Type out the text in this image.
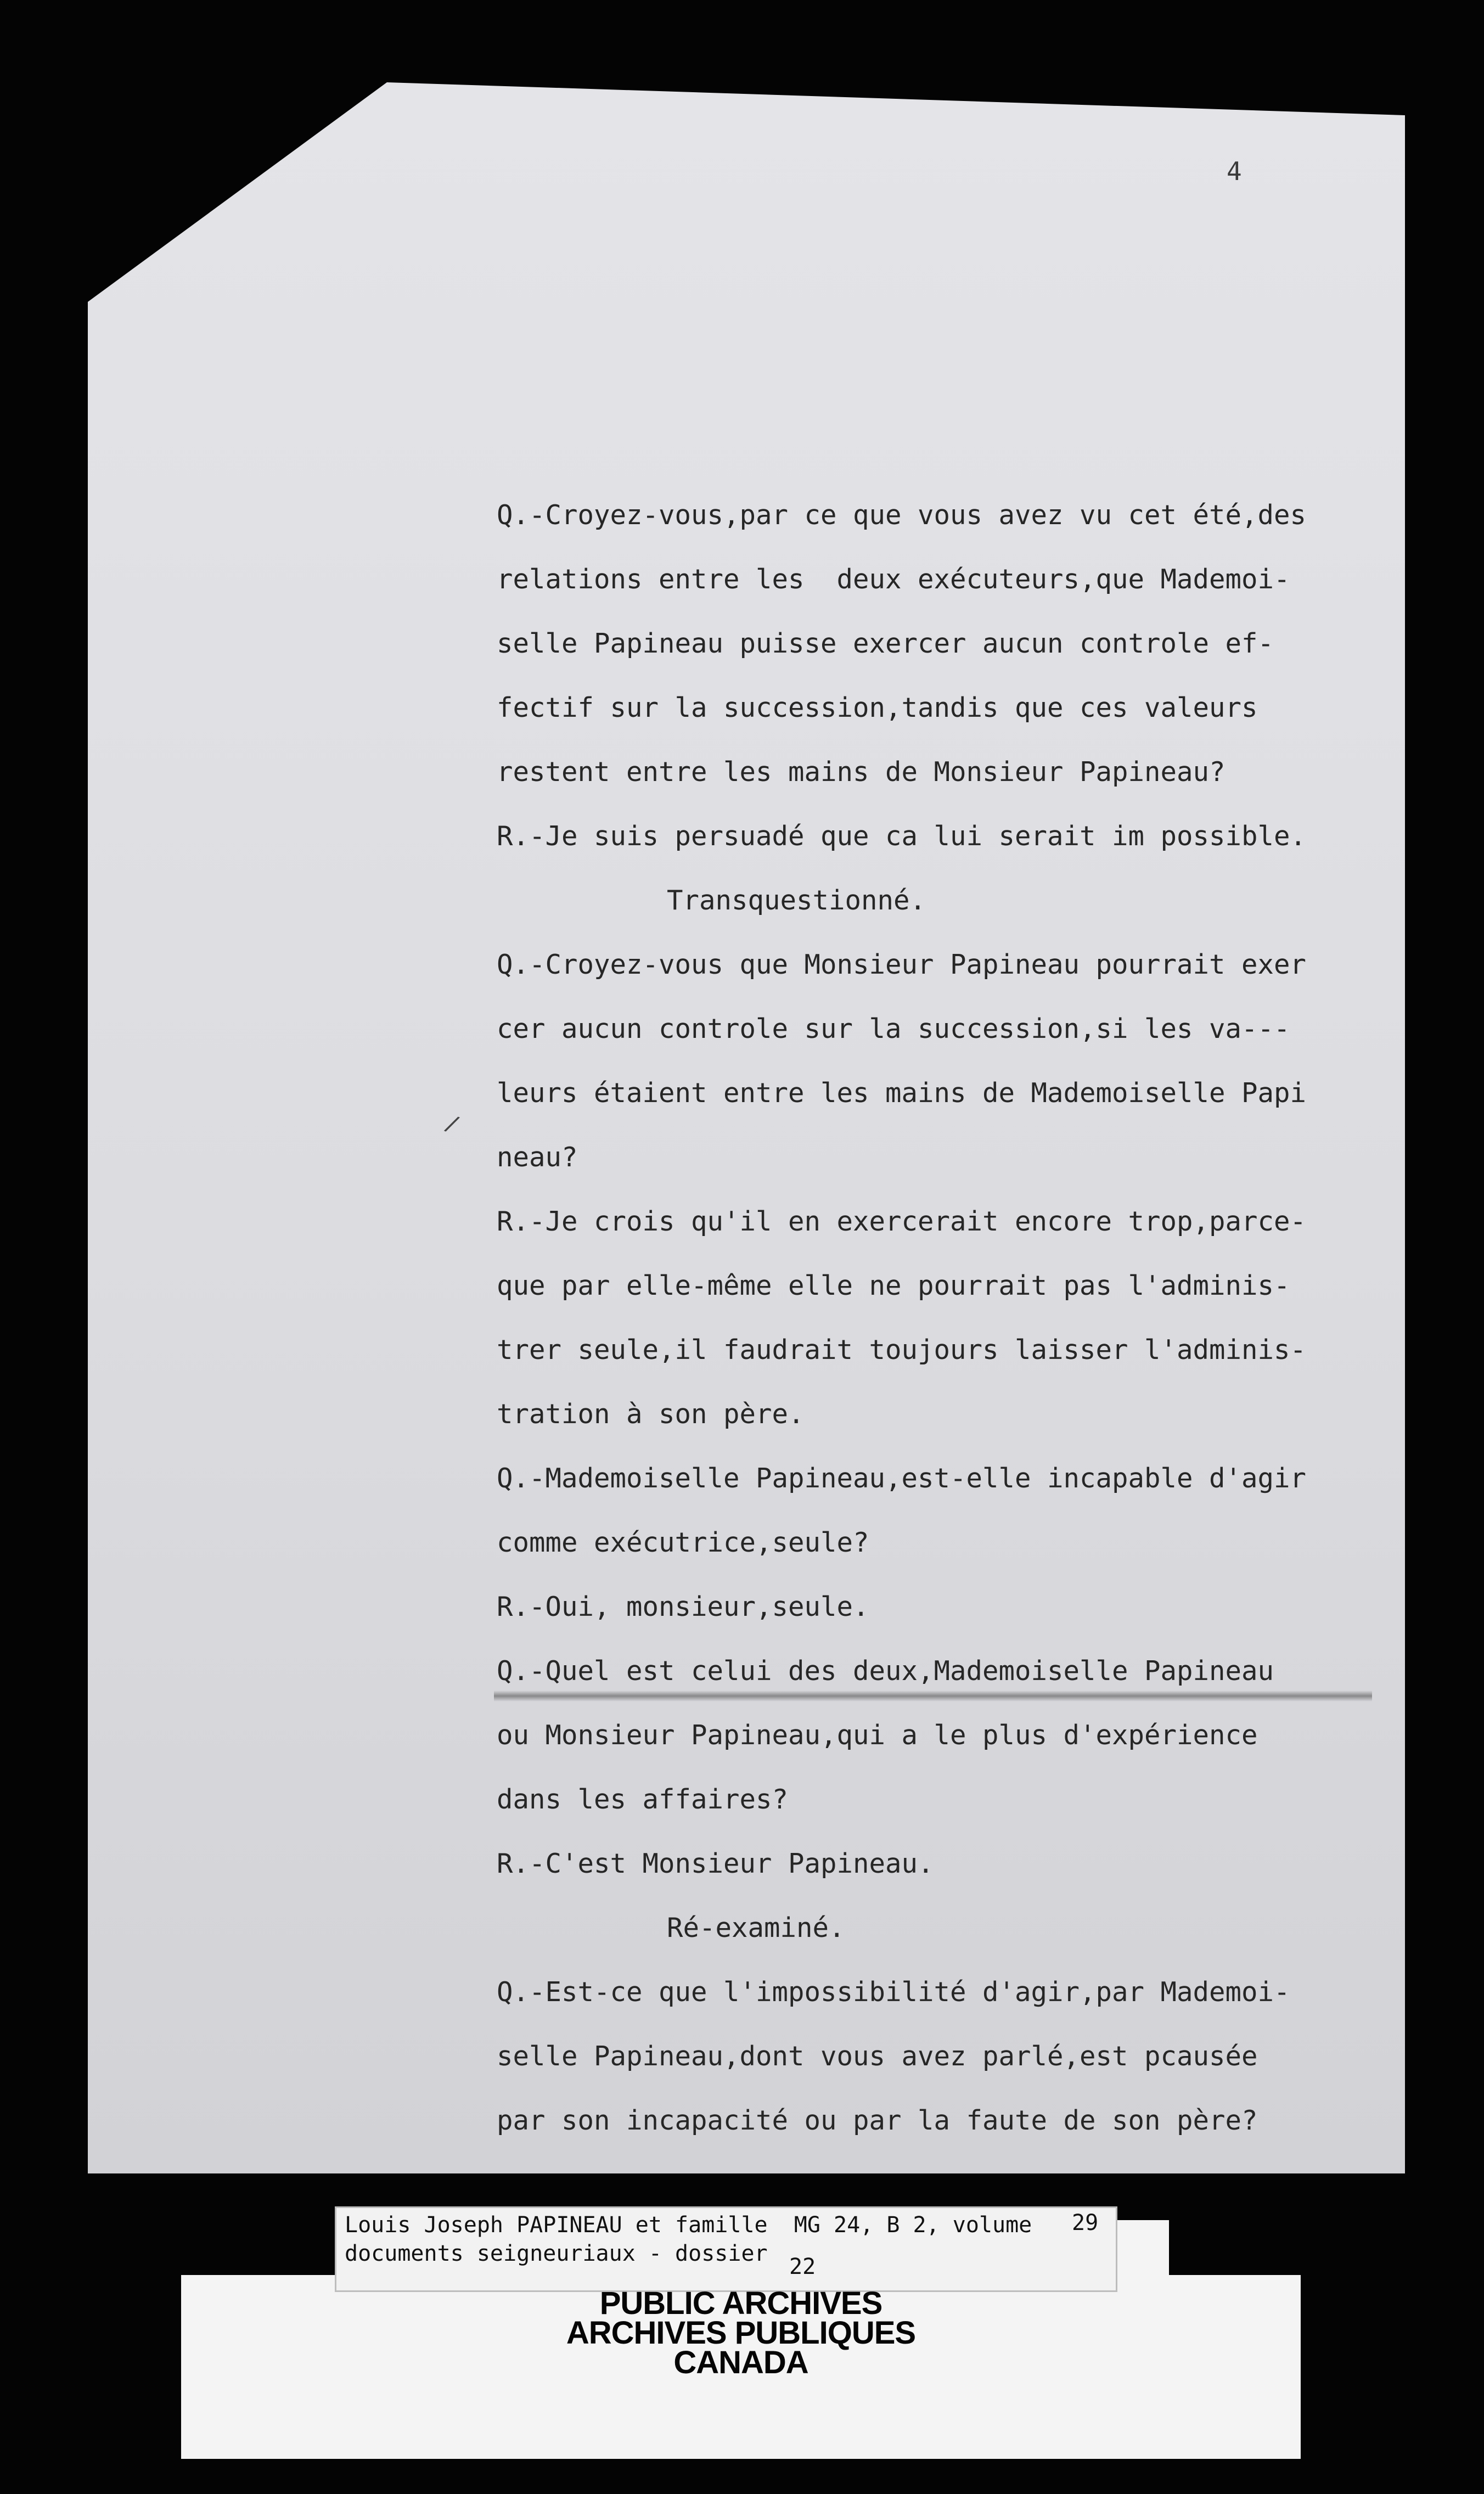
4
Q.-Croyez-vous,par ce que vous avez vu cet été,des
relations entre les  deux exécuteurs,que Mademoi-
selle Papineau puisse exercer aucun controle ef-
fectif sur la succession,tandis que ces valeurs
restent entre les mains de Monsieur Papineau?
R.-Je suis persuadé que ca lui serait im possible.
Transquestionné.
Q.-Croyez-vous que Monsieur Papineau pourrait exer
cer aucun controle sur la succession,si les va---
leurs étaient entre les mains de Mademoiselle Papi
neau?
R.-Je crois qu'il en exercerait encore trop,parce-
que par elle-même elle ne pourrait pas l'adminis-
trer seule,il faudrait toujours laisser l'adminis-
tration à son père.
Q.-Mademoiselle Papineau,est-elle incapable d'agir
comme exécutrice,seule?
R.-Oui, monsieur,seule.
Q.-Quel est celui des deux,Mademoiselle Papineau
ou Monsieur Papineau,qui a le plus d'expérience
dans les affaires?
R.-C'est Monsieur Papineau.
Ré-examiné.
Q.-Est-ce que l'impossibilité d'agir,par Mademoi-
selle Papineau,dont vous avez parlé,est pcausée
par son incapacité ou par la faute de son père?
/
Louis Joseph PAPINEAU et famille  MG 24, B 2, volume
documents seigneuriaux - dossier
29
22
PUBLIC ARCHIVES
ARCHIVES PUBLIQUES
CANADA
